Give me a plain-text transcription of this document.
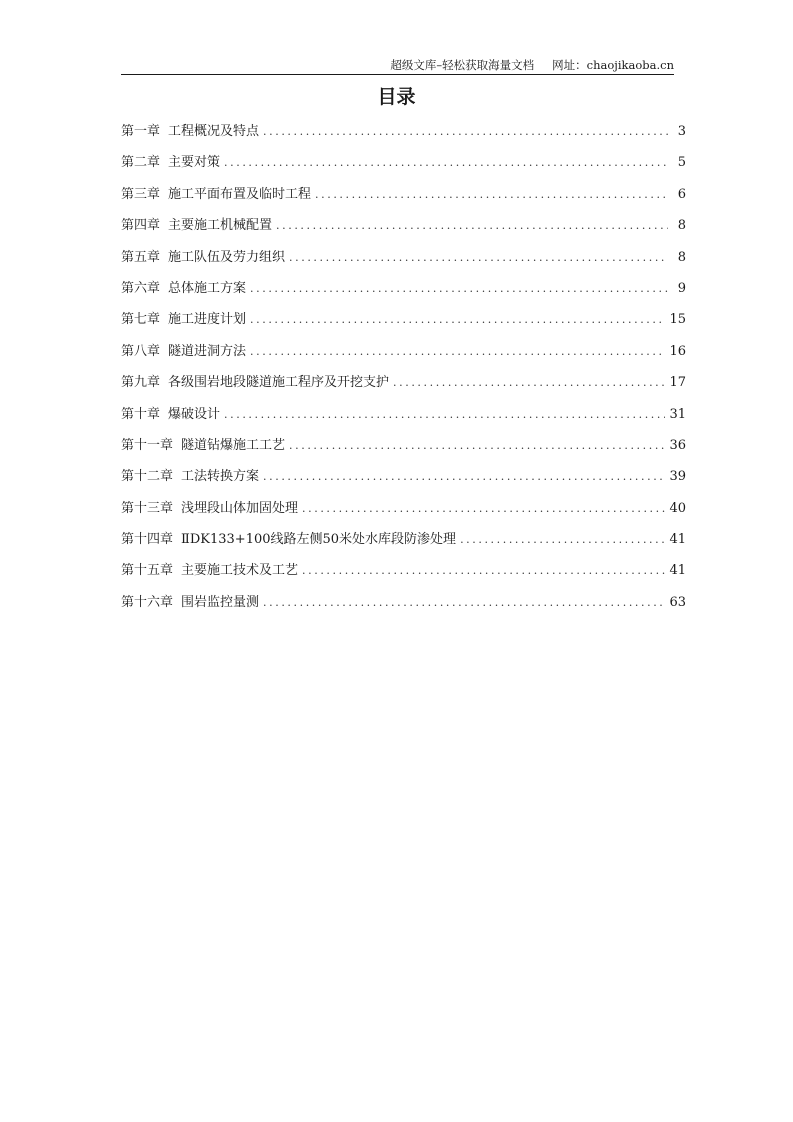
超级文库–轻松获取海量文档 网址：chaojikaoba.cn
目录
第一章 工程概况及特点 .....	3
第二章 主要对策 .....	5
第三章 施工平面布置及临时工程 .....	6
第四章 主要施工机械配置 .....	8
第五章 施工队伍及劳力组织 .....	8
第六章 总体施工方案 .....	9
第七章 施工进度计划 .....	15
第八章 隧道进洞方法 .....	16
第九章 各级围岩地段隧道施工程序及开挖支护 .....	17
第十章 爆破设计 .....	31
第十一章 隧道钻爆施工工艺 .....	36
第十二章 工法转换方案 .....	39
第十三章 浅埋段山体加固处理 .....	40
第十四章 ⅡDK133+100线路左侧50米处水库段防渗处理 .....	41
第十五章 主要施工技术及工艺 .....	41
第十六章 围岩监控量测 .....	63
